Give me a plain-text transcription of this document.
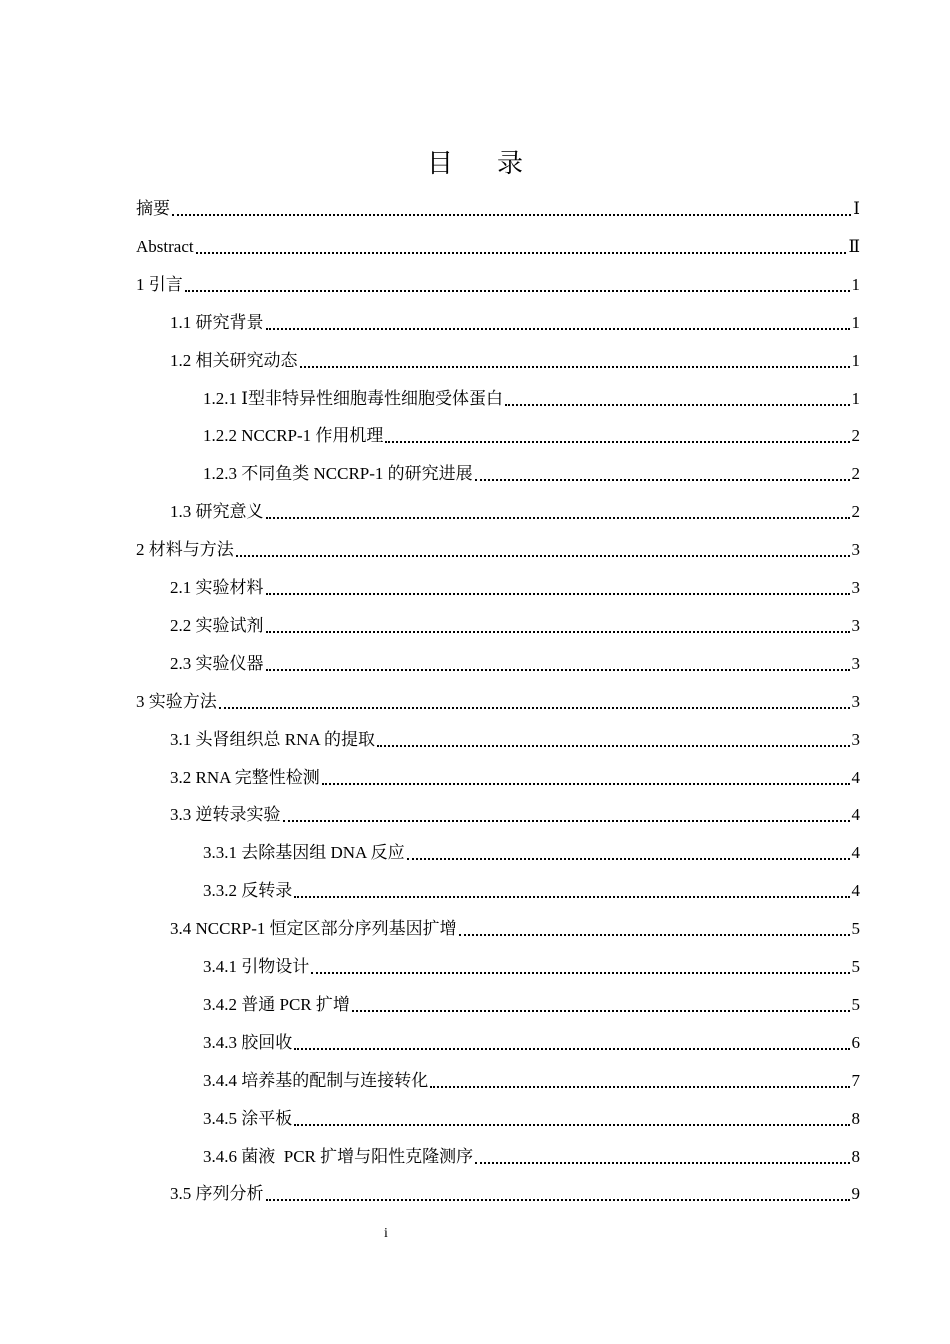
目录
摘要	Ⅰ
Abstract	Ⅱ
1 引言	1
1.1 研究背景	1
1.2 相关研究动态	1
1.2.1 Ⅰ型非特异性细胞毒性细胞受体蛋白	1
1.2.2 NCCRP-1 作用机理	2
1.2.3 不同鱼类 NCCRP-1 的研究进展	2
1.3 研究意义	2
2 材料与方法	3
2.1 实验材料	3
2.2 实验试剂	3
2.3 实验仪器	3
3 实验方法	3
3.1 头肾组织总 RNA 的提取	3
3.2 RNA 完整性检测	4
3.3 逆转录实验	4
3.3.1 去除基因组 DNA 反应	4
3.3.2 反转录	4
3.4 NCCRP-1 恒定区部分序列基因扩增	5
3.4.1 引物设计	5
3.4.2 普通 PCR 扩增	5
3.4.3 胶回收	6
3.4.4 培养基的配制与连接转化	7
3.4.5 涂平板	8
3.4.6 菌液  PCR 扩增与阳性克隆测序	8
3.5 序列分析	9
i
